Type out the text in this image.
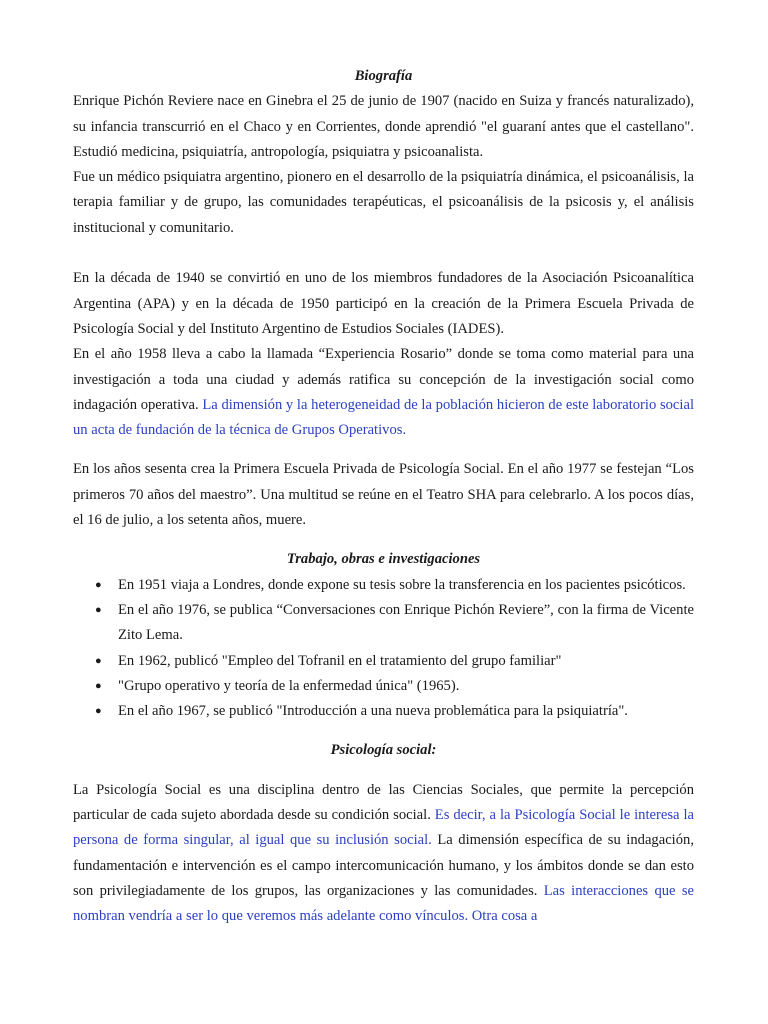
Biografía

Enrique Pichón Reviere nace en Ginebra el 25 de junio de 1907 (nacido en Suiza y francés naturalizado), su infancia transcurrió en el Chaco y en Corrientes, donde aprendió "el guaraní antes que el castellano". Estudió medicina, psiquiatría, antropología, psiquiatra y psicoanalista.

Fue un médico psiquiatra argentino, pionero en el desarrollo de la psiquiatría dinámica, el psicoanálisis, la terapia familiar y de grupo, las comunidades terapéuticas, el psicoanálisis de la psicosis y, el análisis institucional y comunitario.

En la década de 1940 se convirtió en uno de los miembros fundadores de la Asociación Psicoanalítica Argentina (APA) y en la década de 1950 participó en la creación de la Primera Escuela Privada de Psicología Social y del Instituto Argentino de Estudios Sociales (IADES).

En el año 1958 lleva a cabo la llamada “Experiencia Rosario” donde se toma como material para una investigación a toda una ciudad y además ratifica su concepción de la investigación social como indagación operativa. La dimensión y la heterogeneidad de la población hicieron de este laboratorio social un acta de fundación de la técnica de Grupos Operativos.

En los años sesenta crea la Primera Escuela Privada de Psicología Social. En el año 1977 se festejan “Los primeros 70 años del maestro”. Una multitud se reúne en el Teatro SHA para celebrarlo. A los pocos días, el 16 de julio, a los setenta años, muere.

Trabajo, obras e investigaciones

● En 1951 viaja a Londres, donde expone su tesis sobre la transferencia en los pacientes psicóticos.
● En el año 1976, se publica “Conversaciones con Enrique Pichón Reviere”, con la firma de Vicente Zito Lema.
● En 1962, publicó "Empleo del Tofranil en el tratamiento del grupo familiar"
● "Grupo operativo y teoría de la enfermedad única" (1965).
● En el año 1967, se publicó "Introducción a una nueva problemática para la psiquiatría".

Psicología social:

La Psicología Social es una disciplina dentro de las Ciencias Sociales, que permite la percepción particular de cada sujeto abordada desde su condición social. Es decir, a la Psicología Social le interesa la persona de forma singular, al igual que su inclusión social. La dimensión específica de su indagación, fundamentación e intervención es el campo intercomunicación humano, y los ámbitos donde se dan esto son privilegiadamente de los grupos, las organizaciones y las comunidades. Las interacciones que se nombran vendría a ser lo que veremos más adelante como vínculos. Otra cosa a
